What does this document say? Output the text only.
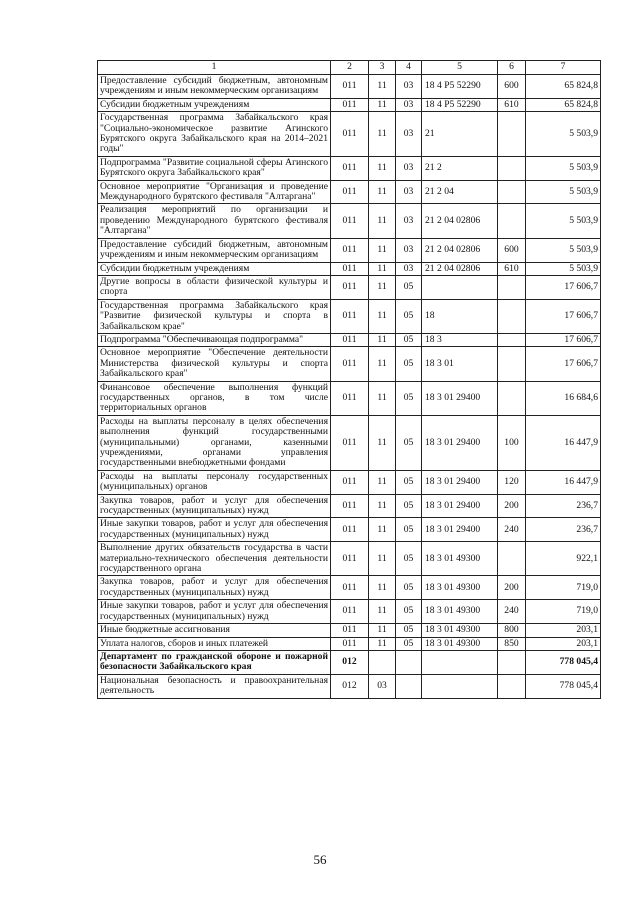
1	2	3	4	5	6	7
Предоставление субсидий бюджетным, автономным учреждениям и иным некоммерческим организациям	011	11	03	18 4 P5 52290	600	65 824,8
Субсидии бюджетным учреждениям	011	11	03	18 4 P5 52290	610	65 824,8
Государственная программа Забайкальского края "Социально-экономическое развитие Агинского Бурятского округа Забайкальского края на 2014–2021 годы"	011	11	03	21		5 503,9
Подпрограмма "Развитие социальной сферы Агинского Бурятского округа Забайкальского края"	011	11	03	21 2		5 503,9
Основное мероприятие "Организация и проведение Международного бурятского фестиваля "Алтаргана"	011	11	03	21 2 04		5 503,9
Реализация мероприятий по организации и проведению Международного бурятского фестиваля "Алтаргана"	011	11	03	21 2 04 02806		5 503,9
Предоставление субсидий бюджетным, автономным учреждениям и иным некоммерческим организациям	011	11	03	21 2 04 02806	600	5 503,9
Субсидии бюджетным учреждениям	011	11	03	21 2 04 02806	610	5 503,9
Другие вопросы в области физической культуры и спорта	011	11	05			17 606,7
Государственная программа Забайкальского края "Развитие физической культуры и спорта в Забайкальском крае"	011	11	05	18		17 606,7
Подпрограмма "Обеспечивающая подпрограмма"	011	11	05	18 3		17 606,7
Основное мероприятие "Обеспечение деятельности Министерства физической культуры и спорта Забайкальского края"	011	11	05	18 3 01		17 606,7
Финансовое обеспечение выполнения функций государственных органов, в том числе территориальных органов	011	11	05	18 3 01 29400		16 684,6
Расходы на выплаты персоналу в целях обеспечения выполнения функций государственными (муниципальными) органами, казенными учреждениями, органами управления государственными внебюджетными фондами	011	11	05	18 3 01 29400	100	16 447,9
Расходы на выплаты персоналу государственных (муниципальных) органов	011	11	05	18 3 01 29400	120	16 447,9
Закупка товаров, работ и услуг для обеспечения государственных (муниципальных) нужд	011	11	05	18 3 01 29400	200	236,7
Иные закупки товаров, работ и услуг для обеспечения государственных (муниципальных) нужд	011	11	05	18 3 01 29400	240	236,7
Выполнение других обязательств государства в части материально-технического обеспечения деятельности государственного органа	011	11	05	18 3 01 49300		922,1
Закупка товаров, работ и услуг для обеспечения государственных (муниципальных) нужд	011	11	05	18 3 01 49300	200	719,0
Иные закупки товаров, работ и услуг для обеспечения государственных (муниципальных) нужд	011	11	05	18 3 01 49300	240	719,0
Иные бюджетные ассигнования	011	11	05	18 3 01 49300	800	203,1
Уплата налогов, сборов и иных платежей	011	11	05	18 3 01 49300	850	203,1
Департамент по гражданской обороне и пожарной безопасности Забайкальского края	012					778 045,4
Национальная безопасность и правоохранительная деятельность	012	03				778 045,4
56
